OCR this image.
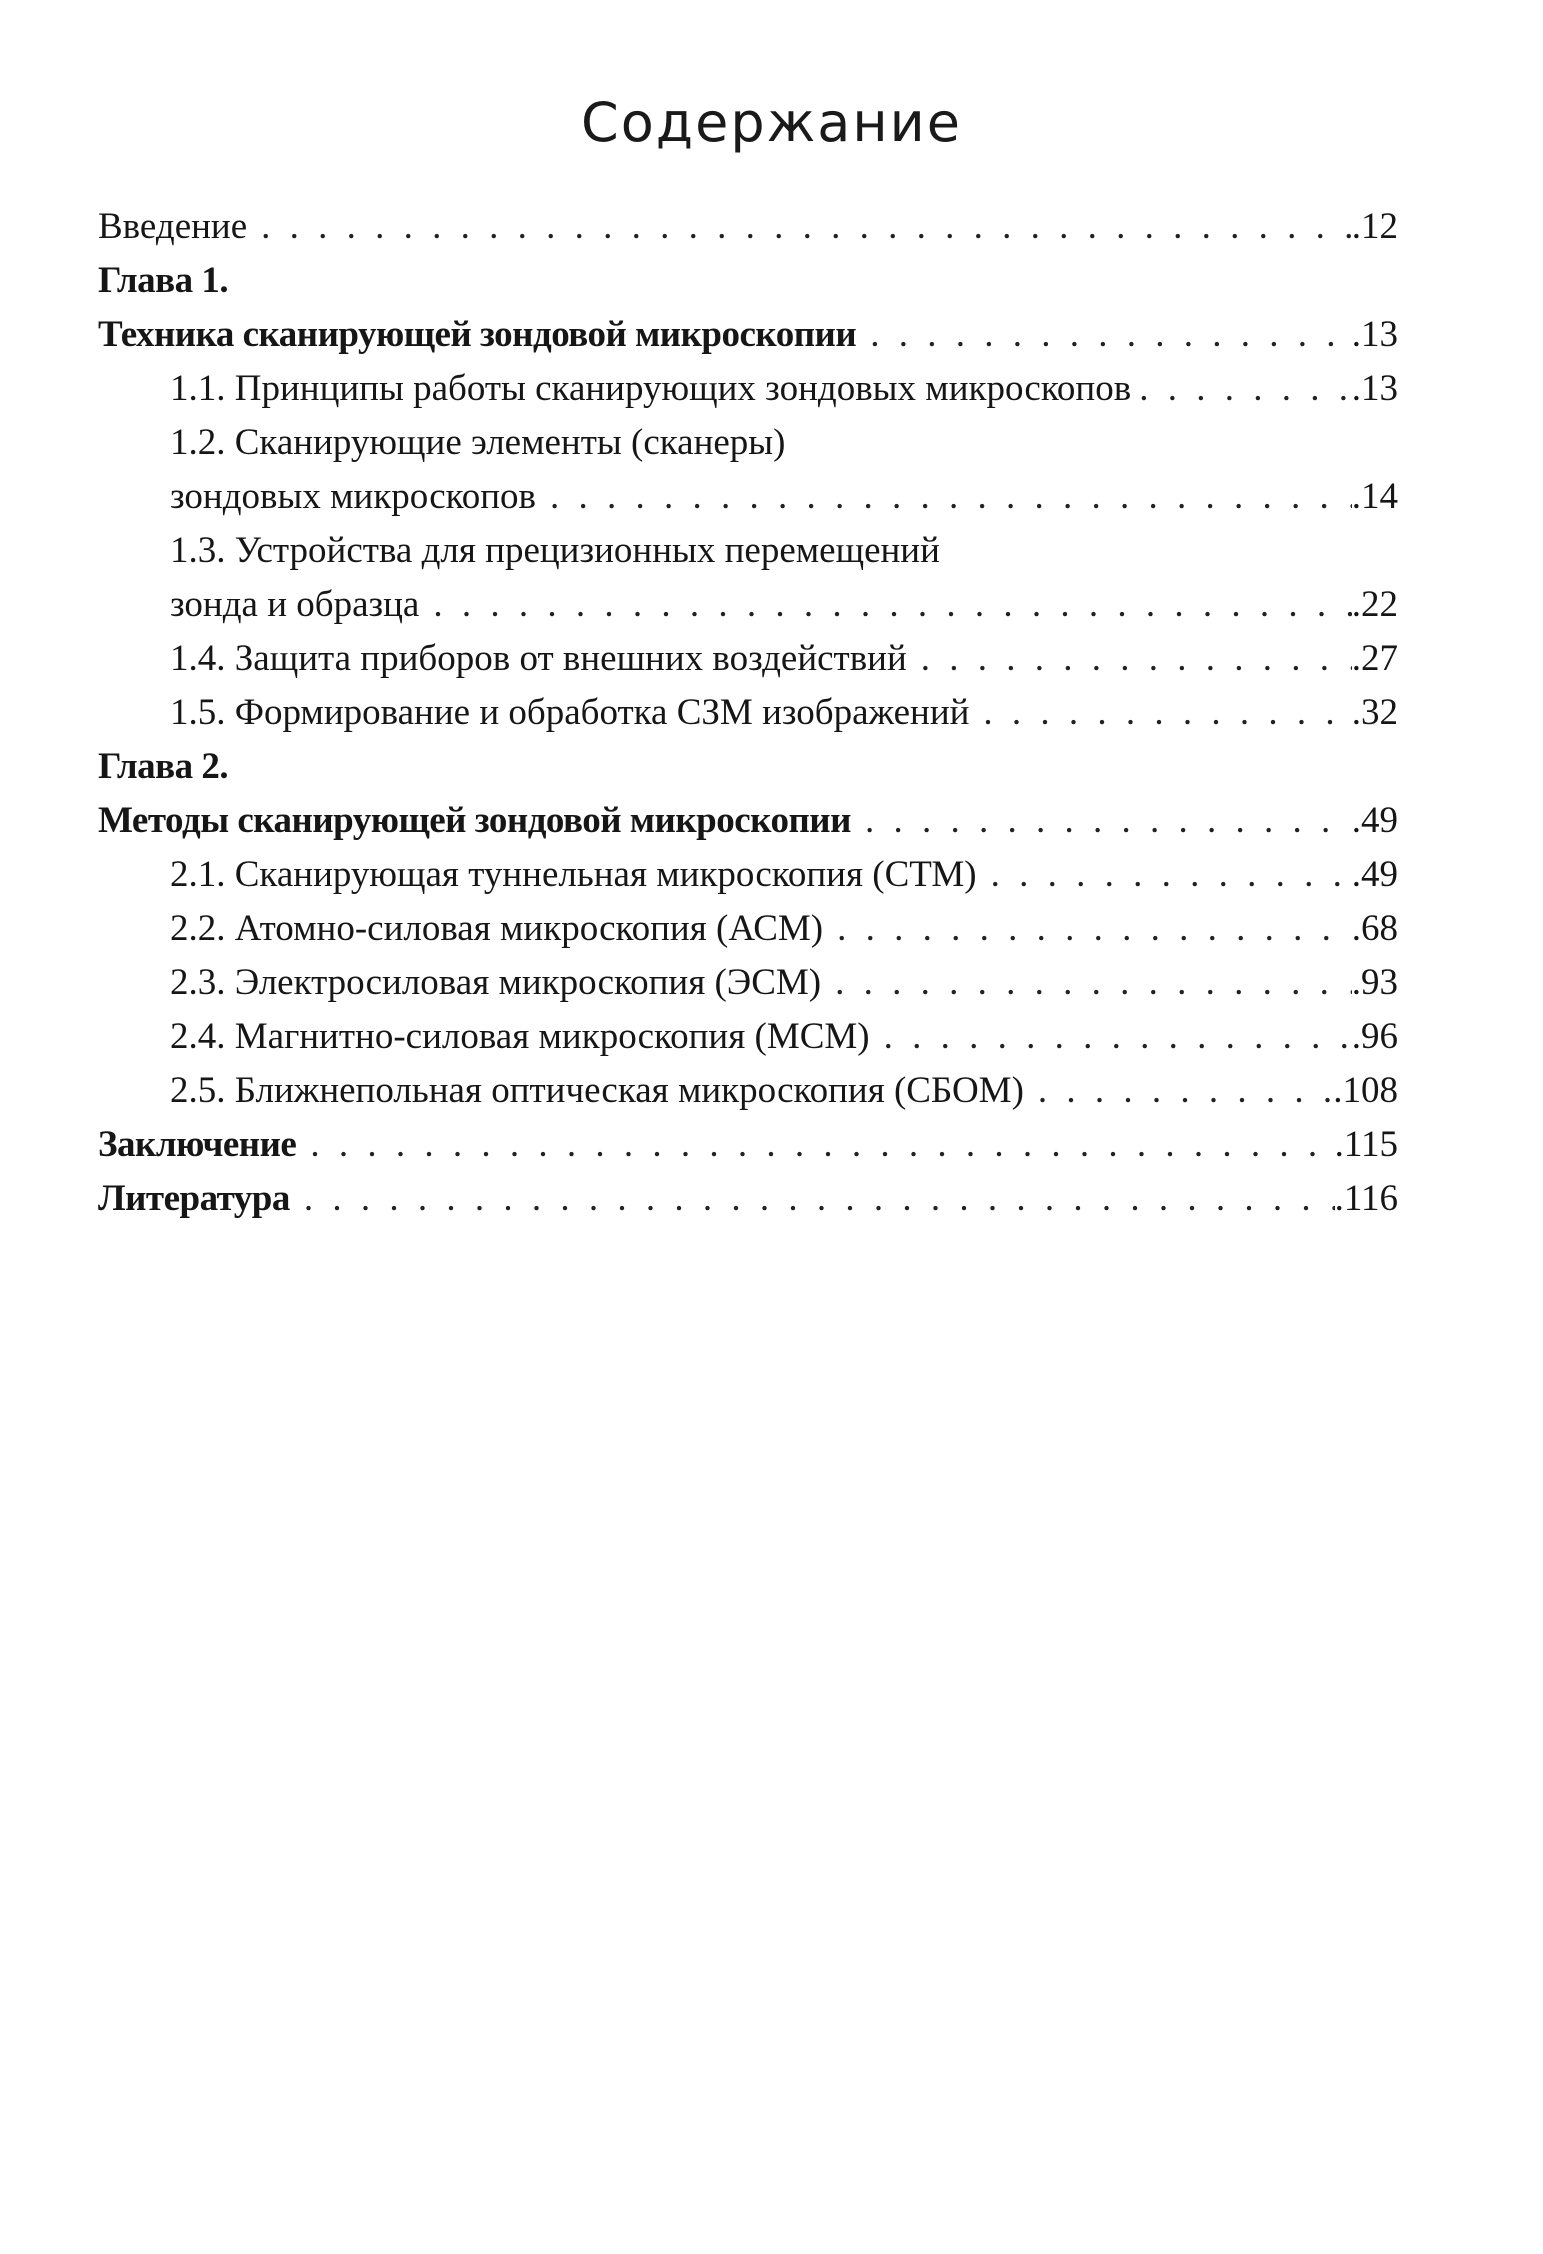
Содержание
Введение . . .	.12
Глава 1.
Техника сканирующей зондовой микроскопии . . .	.13
1.1. Принципы работы сканирующих зондовых микроскопов . . .	.13
1.2. Сканирующие элементы (сканеры)
зондовых микроскопов . . .	.14
1.3. Устройства для прецизионных перемещений
зонда и образца . . .	.22
1.4. Защита приборов от внешних воздействий . . .	.27
1.5. Формирование и обработка СЗМ изображений . . .	.32
Глава 2.
Методы сканирующей зондовой микроскопии . . .	.49
2.1. Сканирующая туннельная микроскопия (СТМ) . . .	.49
2.2. Атомно-силовая микроскопия (АСМ) . . .	.68
2.3. Электросиловая микроскопия (ЭСМ) . . .	.93
2.4. Магнитно-силовая микроскопия (МСМ) . . .	.96
2.5. Ближнепольная оптическая микроскопия (СБОМ) . . .	.108
Заключение . . .	.115
Литература . . .	.116
